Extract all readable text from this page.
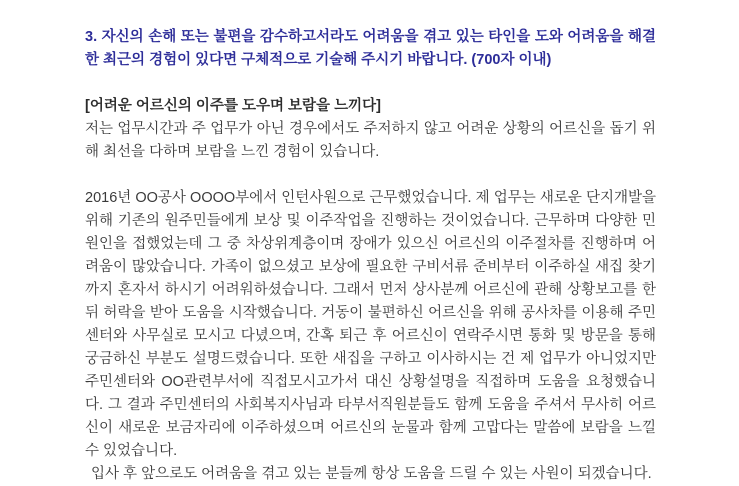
3. 자신의 손해 또는 불편을 감수하고서라도 어려움을 겪고 있는 타인을 도와 어려움을 해결한 최근의 경험이 있다면 구체적으로 기술해 주시기 바랍니다. (700자 이내)

[어려운 어르신의 이주를 도우며 보람을 느끼다]

저는 업무시간과 주 업무가 아닌 경우에서도 주저하지 않고 어려운 상황의 어르신을 돕기 위해 최선을 다하며 보람을 느낀 경험이 있습니다.

2016년 OO공사 OOOO부에서 인턴사원으로 근무했었습니다. 제 업무는 새로운 단지개발을 위해 기존의 원주민들에게 보상 및 이주작업을 진행하는 것이었습니다. 근무하며 다양한 민원인을 접했었는데 그 중 차상위계층이며 장애가 있으신 어르신의 이주절차를 진행하며 어려움이 많았습니다. 가족이 없으셨고 보상에 필요한 구비서류 준비부터 이주하실 새집 찾기까지 혼자서 하시기 어려워하셨습니다. 그래서 먼저 상사분께 어르신에 관해 상황보고를 한 뒤 허락을 받아 도움을 시작했습니다. 거동이 불편하신 어르신을 위해 공사차를 이용해 주민센터와 사무실로 모시고 다녔으며, 간혹 퇴근 후 어르신이 연락주시면 통화 및 방문을 통해 궁금하신 부분도 설명드렸습니다. 또한 새집을 구하고 이사하시는 건 제 업무가 아니었지만 주민센터와 OO관련부서에 직접모시고가서 대신 상황설명을 직접하며 도움을 요청했습니다. 그 결과 주민센터의 사회복지사님과 타부서직원분들도 함께 도움을 주셔서 무사히 어르신이 새로운 보금자리에 이주하셨으며 어르신의 눈물과 함께 고맙다는 말씀에 보람을 느낄 수 있었습니다.

입사 후 앞으로도 어려움을 겪고 있는 분들께 항상 도움을 드릴 수 있는 사원이 되겠습니다.
